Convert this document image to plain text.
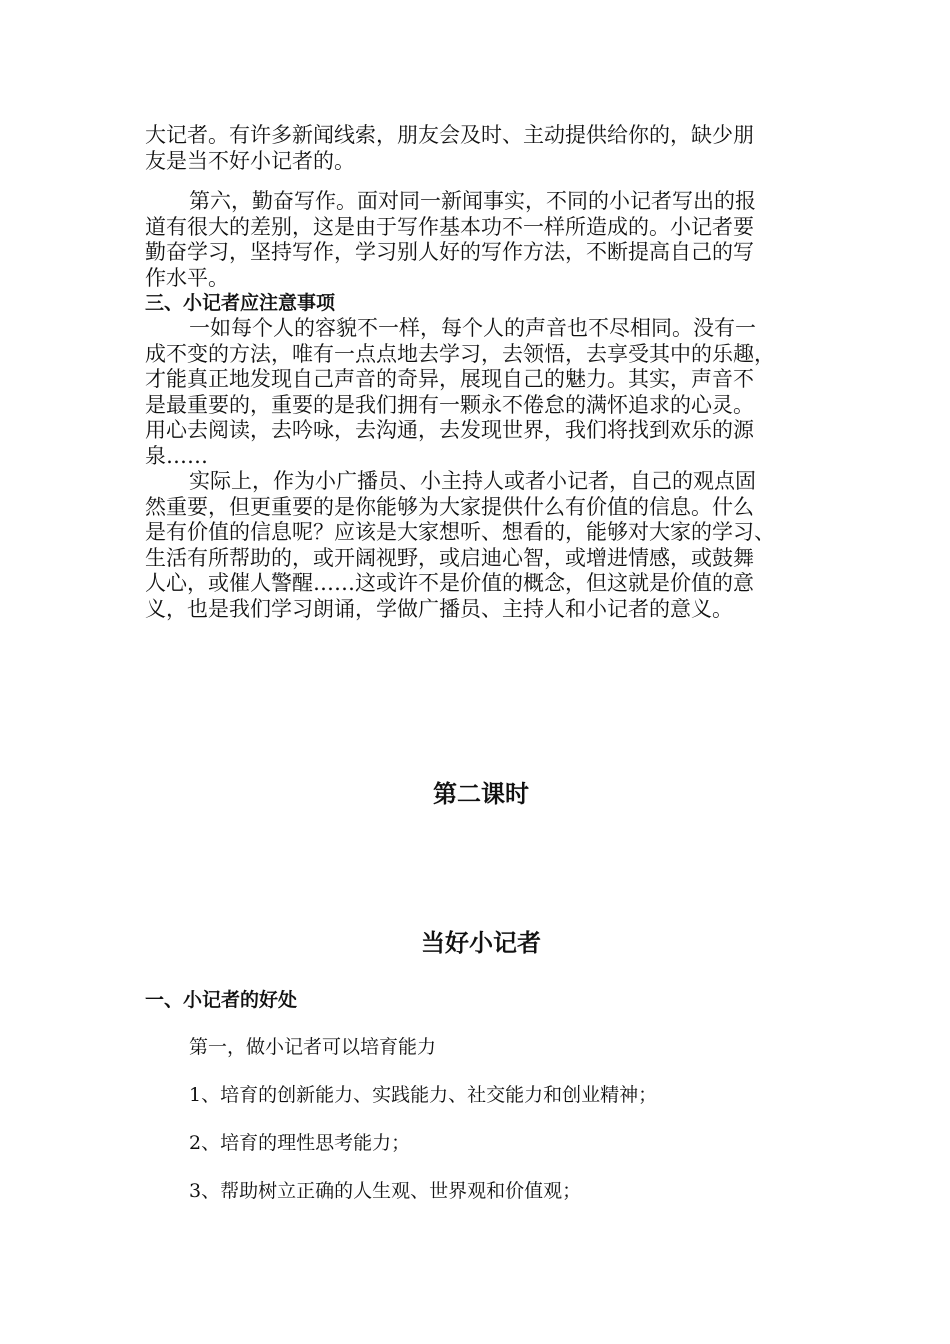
大记者。有许多新闻线索，朋友会及时、主动提供给你的，缺少朋
友是当不好小记者的。

第六，勤奋写作。面对同一新闻事实，不同的小记者写出的报
道有很大的差别，这是由于写作基本功不一样所造成的。小记者要
勤奋学习，坚持写作，学习别人好的写作方法，不断提高自己的写
作水平。

三、小记者应注意事项

一如每个人的容貌不一样，每个人的声音也不尽相同。没有一
成不变的方法，唯有一点点地去学习，去领悟，去享受其中的乐趣，
才能真正地发现自己声音的奇异，展现自己的魅力。其实，声音不
是最重要的，重要的是我们拥有一颗永不倦怠的满怀追求的心灵。
用心去阅读，去吟咏，去沟通，去发现世界，我们将找到欢乐的源
泉……

实际上，作为小广播员、小主持人或者小记者，自己的观点固
然重要，但更重要的是你能够为大家提供什么有价值的信息。什么
是有价值的信息呢？应该是大家想听、想看的，能够对大家的学习、
生活有所帮助的，或开阔视野，或启迪心智，或增进情感，或鼓舞
人心，或催人警醒……这或许不是价值的概念，但这就是价值的意
义，也是我们学习朗诵，学做广播员、主持人和小记者的意义。

第二课时

当好小记者

一、小记者的好处

第一，做小记者可以培育能力

1、培育的创新能力、实践能力、社交能力和创业精神；

2、培育的理性思考能力；

3、帮助树立正确的人生观、世界观和价值观；
